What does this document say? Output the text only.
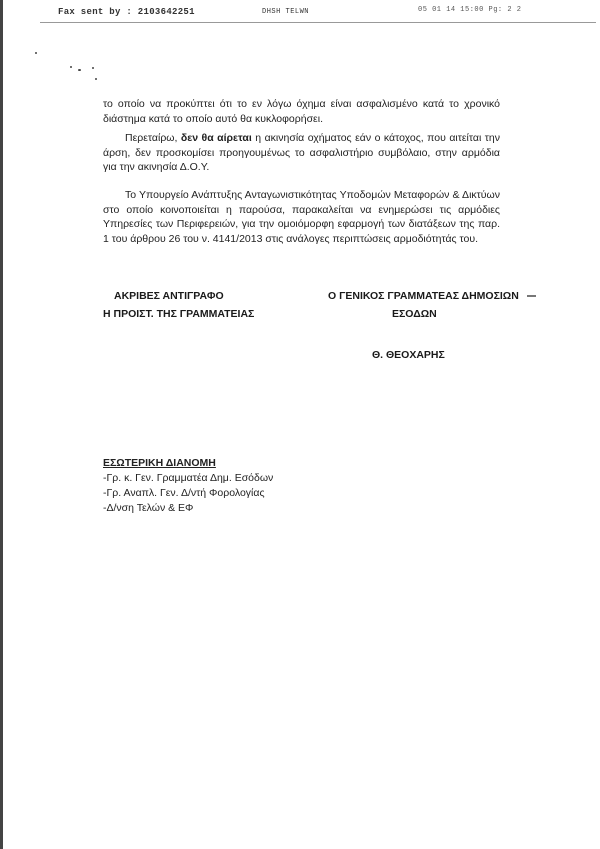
Fax sent by : 2103642251	DHSH TELWN	05 01 14 15:00 Pg: 2 2

το οποίο να προκύπτει ότι το εν λόγω όχημα είναι ασφαλισμένο κατά το χρονικό διάστημα κατά το οποίο αυτό θα κυκλοφορήσει.

Περεταίρω, δεν θα αίρεται η ακινησία οχήματος εάν ο κάτοχος, που αιτείται την άρση, δεν προσκομίσει προηγουμένως το ασφαλιστήριο συμβόλαιο, στην αρμόδια για την ακινησία Δ.Ο.Υ.

Το Υπουργείο Ανάπτυξης Ανταγωνιστικότητας Υποδομών Μεταφορών & Δικτύων στο οποίο κοινοποιείται η παρούσα, παρακαλείται να ενημερώσει τις αρμόδιες Υπηρεσίες των Περιφερειών, για την ομοιόμορφη εφαρμογή των διατάξεων της παρ. 1 του άρθρου 26 του ν. 4141/2013 στις ανάλογες περιπτώσεις αρμοδιότητάς του.

ΑΚΡΙΒΕΣ ΑΝΤΙΓΡΑΦΟ
Η ΠΡΟΙΣΤ. ΤΗΣ ΓΡΑΜΜΑΤΕΙΑΣ
Ο ΓΕΝΙΚΟΣ ΓΡΑΜΜΑΤΕΑΣ ΔΗΜΟΣΙΩΝ
ΕΣΟΔΩΝ
Θ. ΘΕΟΧΑΡΗΣ
ΕΣΩΤΕΡΙΚΗ ΔΙΑΝΟΜΗ
-Γρ. κ. Γεν. Γραμματέα Δημ. Εσόδων
-Γρ. Αναπλ. Γεν. Δ/ντή Φορολογίας
-Δ/νση Τελών & ΕΦ
